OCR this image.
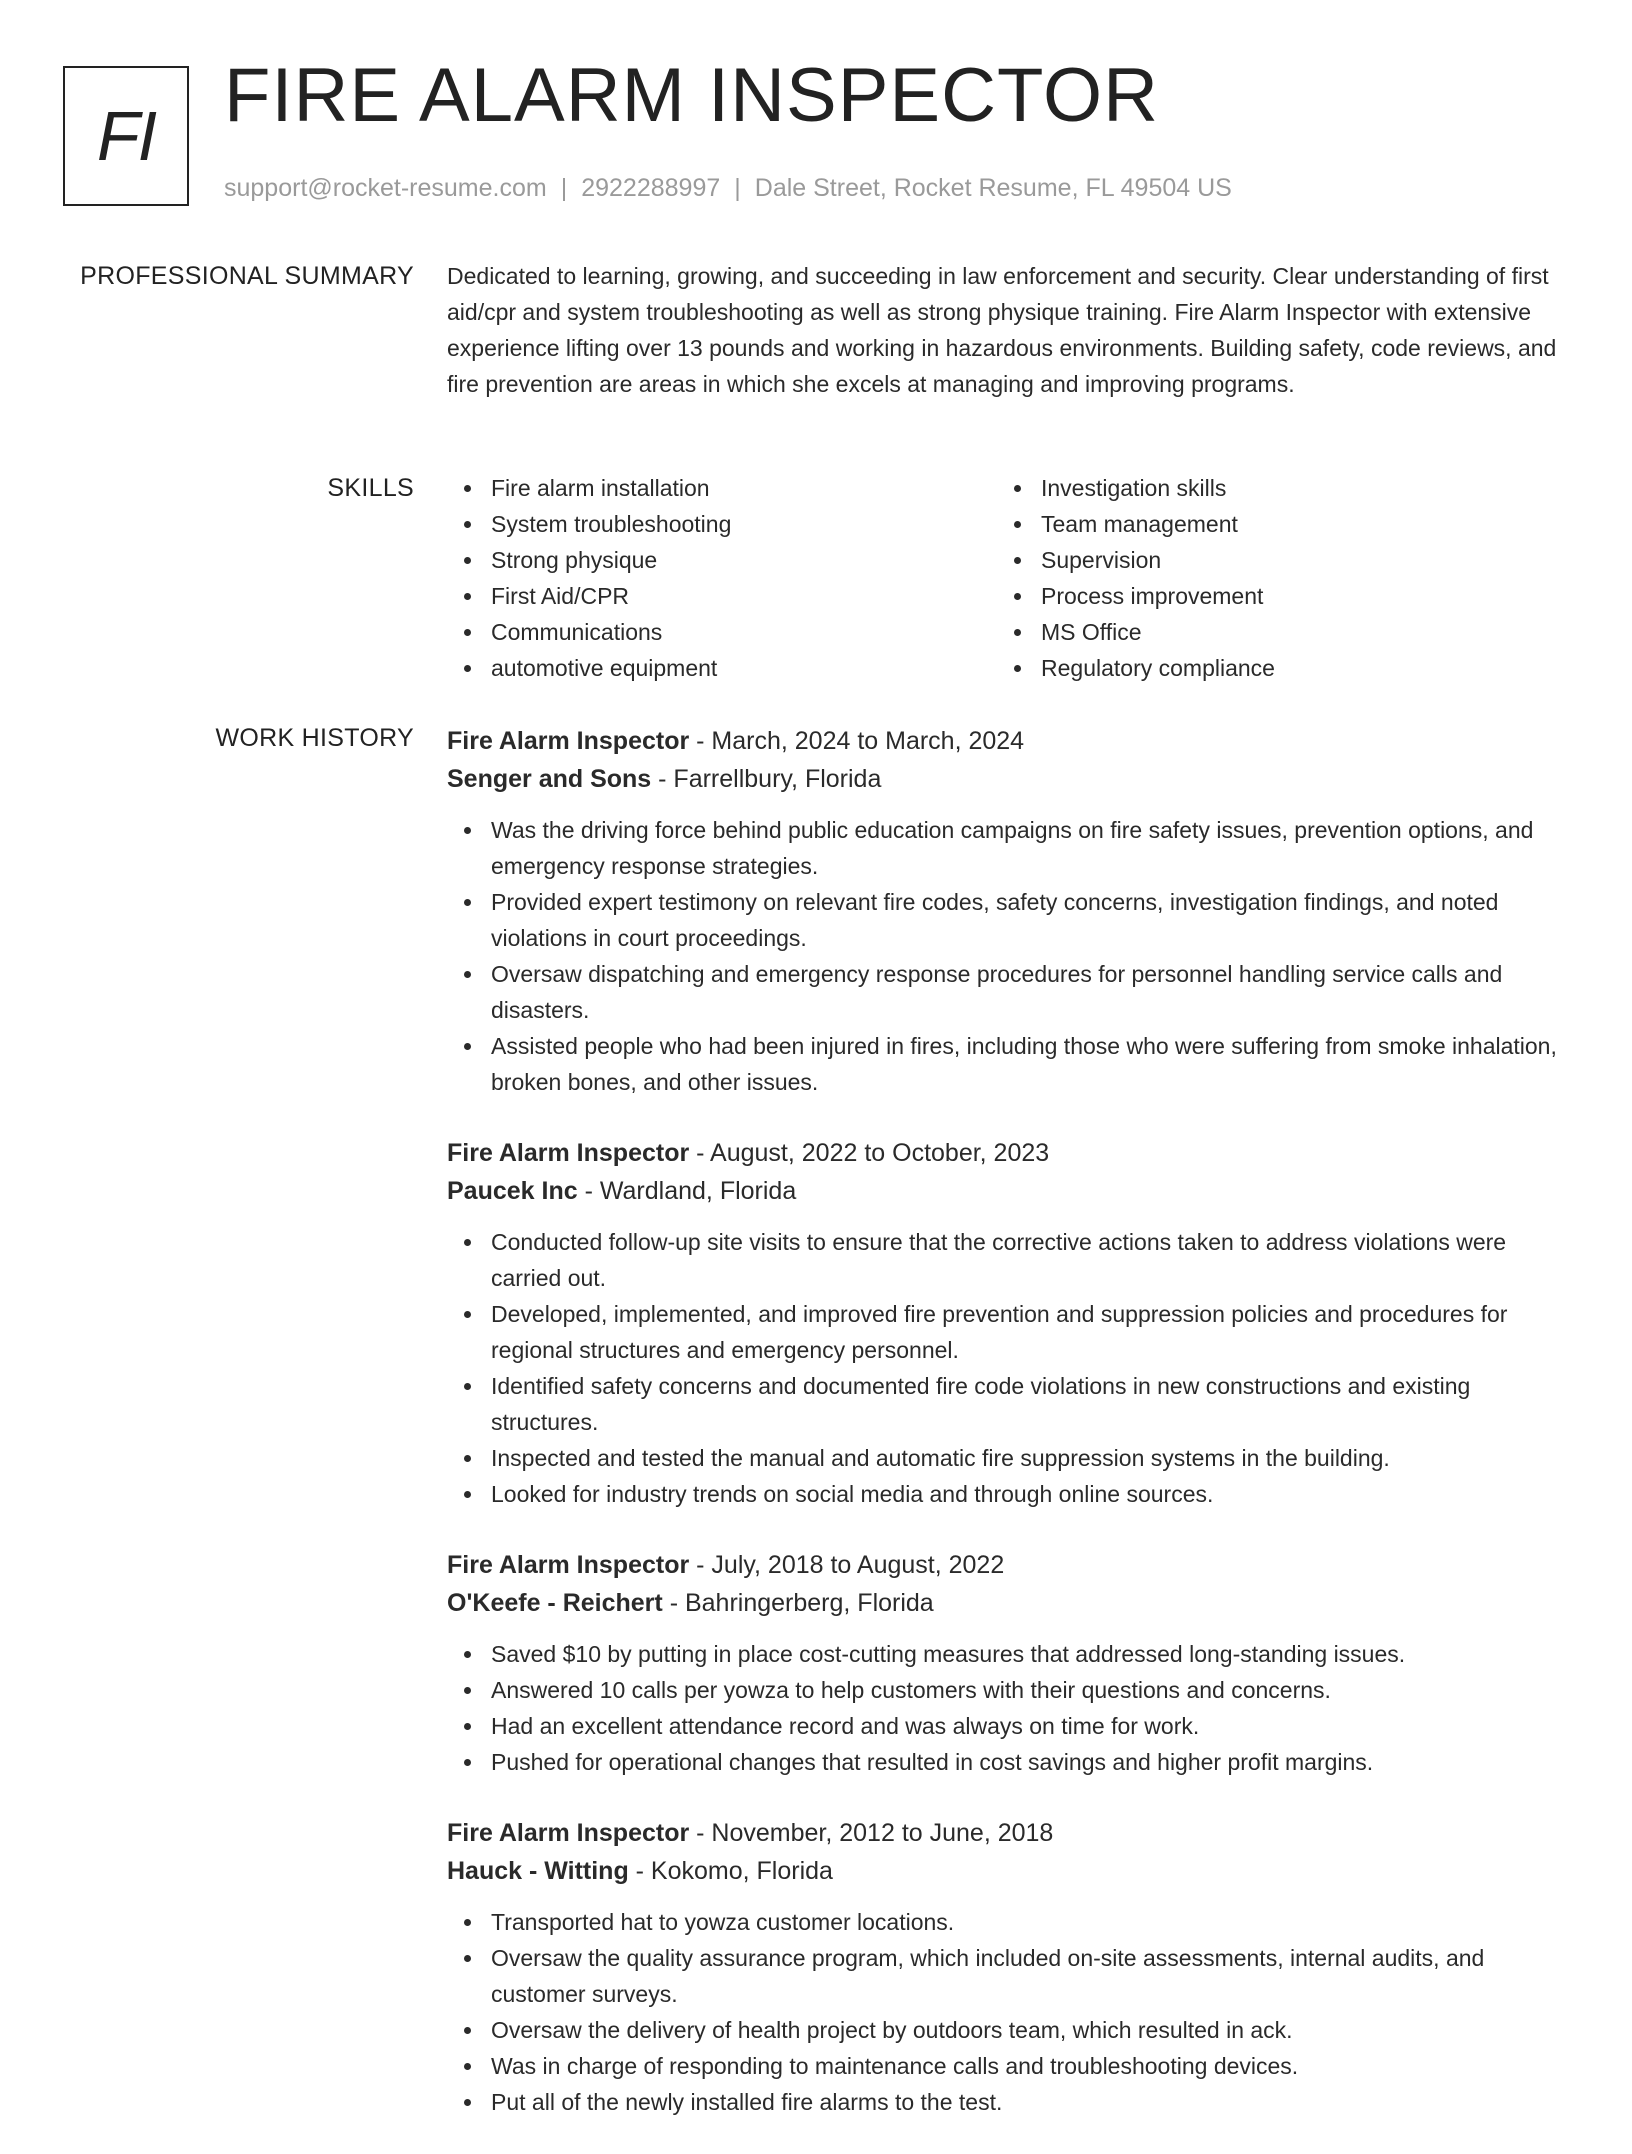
FI FIRE ALARM INSPECTOR
support@rocket-resume.com | 2922288997 | Dale Street, Rocket Resume, FL 49504 US
PROFESSIONAL SUMMARY Dedicated to learning, growing, and succeeding in law enforcement and security. Clear understanding of first aid/cpr and system troubleshooting as well as strong physique training. Fire Alarm Inspector with extensive experience lifting over 13 pounds and working in hazardous environments. Building safety, code reviews, and fire prevention are areas in which she excels at managing and improving programs.
SKILLS	Fire alarm installation
System troubleshooting
Strong physique
First Aid/CPR
Communications
automotive equipment
Investigation skills
Team management
Supervision
Process improvement
MS Office
Regulatory compliance
WORK HISTORY Fire Alarm Inspector - March, 2024 to March, 2024
Senger and Sons - Farrellbury, Florida
Was the driving force behind public education campaigns on fire safety issues, prevention options, and emergency response strategies.
Provided expert testimony on relevant fire codes, safety concerns, investigation findings, and noted violations in court proceedings.
Oversaw dispatching and emergency response procedures for personnel handling service calls and disasters.
Assisted people who had been injured in fires, including those who were suffering from smoke inhalation, broken bones, and other issues.
Fire Alarm Inspector - August, 2022 to October, 2023
Paucek Inc - Wardland, Florida
Conducted follow-up site visits to ensure that the corrective actions taken to address violations were carried out.
Developed, implemented, and improved fire prevention and suppression policies and procedures for regional structures and emergency personnel.
Identified safety concerns and documented fire code violations in new constructions and existing structures.
Inspected and tested the manual and automatic fire suppression systems in the building.
Looked for industry trends on social media and through online sources.
Fire Alarm Inspector - July, 2018 to August, 2022
O'Keefe - Reichert - Bahringerberg, Florida
Saved $10 by putting in place cost-cutting measures that addressed long-standing issues.
Answered 10 calls per yowza to help customers with their questions and concerns.
Had an excellent attendance record and was always on time for work.
Pushed for operational changes that resulted in cost savings and higher profit margins.
Fire Alarm Inspector - November, 2012 to June, 2018
Hauck - Witting - Kokomo, Florida
Transported hat to yowza customer locations.
Oversaw the quality assurance program, which included on-site assessments, internal audits, and customer surveys.
Oversaw the delivery of health project by outdoors team, which resulted in ack.
Was in charge of responding to maintenance calls and troubleshooting devices.
Put all of the newly installed fire alarms to the test.
